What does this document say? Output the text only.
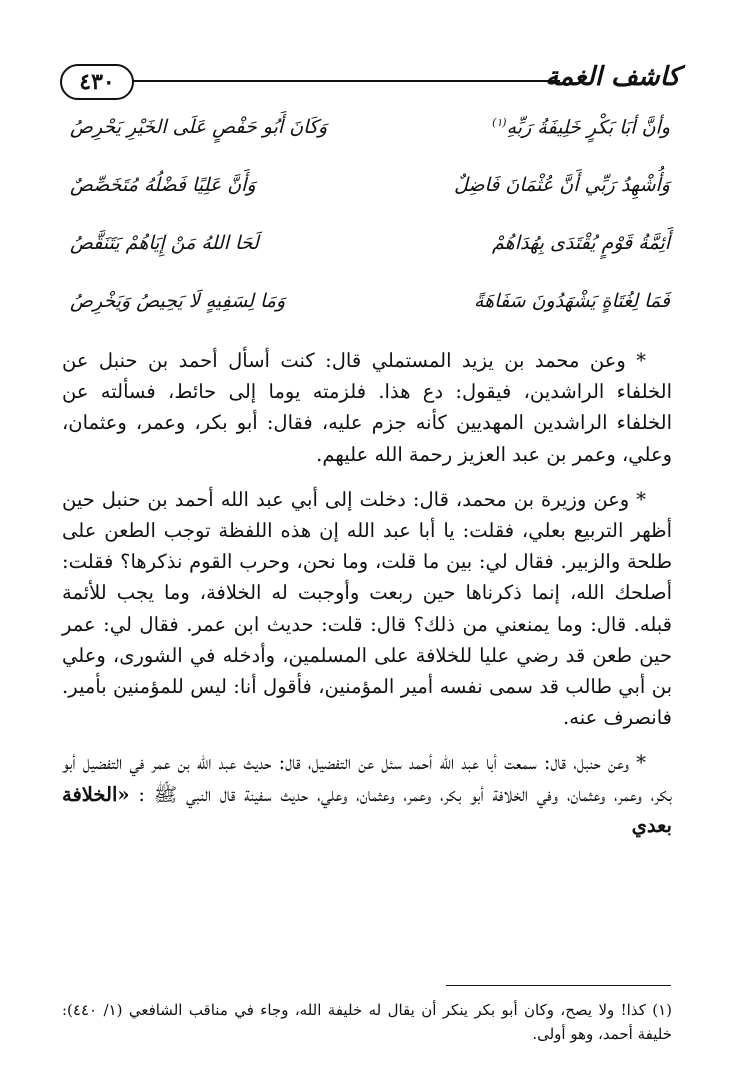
٤٣٠	كاشف الغمة
وأنَّ أبَا بَكْرٍ خَلِيفَةُ رَبِّهِ$^{(١)}$
وَكَانَ أَبُو حَفْصٍ عَلَى الخَيْرِ يَحْرِصُ
وَأُشْهِدُ رَبِّي أَنَّ عُثْمَانَ فَاضِلٌ
وَأَنَّ عَلِيًا فَضْلُهُ مُتَخَصِّصٌ
أَئِمَّةُ قَوْمٍ يُقْتَدَى بِهُدَاهُمْ
لَحَا اللهُ مَنْ إِيَاهُمْ يَتَنَقَّصُ
فَمَا لِغُتَاةٍ يَشْهَدُونَ سَفَاهَةً
وَمَا لِسَفِيهٍ لَا يَحِيصُ وَيَخْرِصُ

* وعن محمد بن يزيد المستملي قال: كنت أسأل أحمد بن حنبل عن الخلفاء الراشدين، فيقول: دع هذا. فلزمته يوما إلى حائط، فسألته عن الخلفاء الراشدين المهديين كأنه جزم عليه، فقال: أبو بكر، وعمر، وعثمان، وعلي، وعمر بن عبد العزيز رحمة الله عليهم.

* وعن وزيرة بن محمد، قال: دخلت إلى أبي عبد الله أحمد بن حنبل حين أظهر التربيع بعلي، فقلت: يا أبا عبد الله إن هذه اللفظة توجب الطعن على طلحة والزبير. فقال لي: بين ما قلت، وما نحن، وحرب القوم نذكرها؟ فقلت: أصلحك الله، إنما ذكرناها حين ربعت وأوجبت له الخلافة، وما يجب للأئمة قبله. قال: وما يمنعني من ذلك؟ قال: قلت: حديث ابن عمر. فقال لي: عمر حين طعن قد رضي عليا للخلافة على المسلمين، وأدخله في الشورى، وعلي بن أبي طالب قد سمى نفسه أمير المؤمنين، فأقول أنا: ليس للمؤمنين بأمير. فانصرف عنه.

* وعن حنبل، قال: سمعت أبا عبد الله أحمد سئل عن التفضيل، قال: حديث عبد الله بن عمر في التفضيل أبو بكر، وعمر، وعثمان، وفي الخلافة أبو بكر، وعمر، وعثمان، وعلي، حديث سفينة قال النبي ﷺ : «الخلافة بعدي

(١) كذا! ولا يصح، وكان أبو بكر ينكر أن يقال له خليفة الله، وجاء في مناقب الشافعي (١/ ٤٤٠): خليفة أحمد، وهو أولى.
